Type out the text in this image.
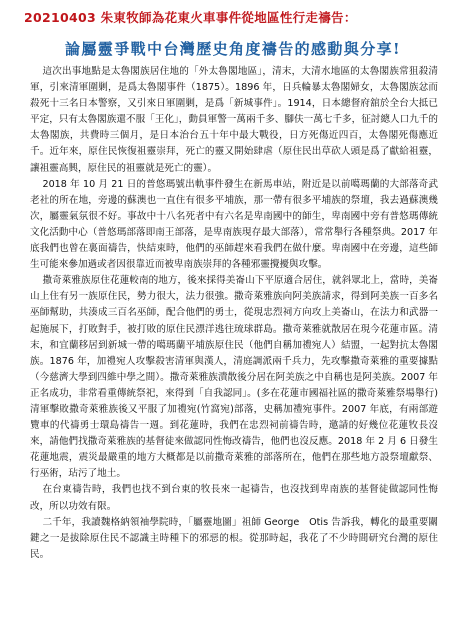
20210403 朱東牧師為花東火車事件從地區性行走禱告：
論屬靈爭戰中台灣歷史角度禱告的感動與分享!

這次出事地點是太魯閣族居住地的「外太魯閣地區」，清末，大清水地區的太魯閣族常狙殺清軍，引來清軍圍剿，是爲太魯閣事件（1875）。1896 年，日兵輪暴太魯閣婦女，太魯閣族忿而殺死十三名日本警察，又引來日軍圍剿，是爲「新城事件」。1914，日本總督府舘於全台大抵已平定，只有太魯閣族還不服「王化」，動員軍警一萬兩千多、腳伕一萬七千多，征討總人口九千的太魯閣族，共費時三個月，是日本治台五十年中最大戰役，日方死傷近四百，太魯閣死傷應近千。近年來，原住民恢復祖靈崇拜，死亡的靈又開始肆虐（原住民出草砍人頭是爲了獻給祖靈，讓祖靈高興，原住民的祖靈就是死亡的靈）。

2018 年 10 月 21 日的普悠瑪號出軌事件發生在新馬車站，附近是以前噶瑪蘭的大部落奇武老社的所在地，旁邊的蘇澳也一直住有很多平埔族，那一帶有很多平埔族的祭壇，我去過蘇澳幾次，屬靈氣氛很不好。事故中十八名死者中有六名是卑南國中的師生，卑南國中旁有普悠瑪傳統文化活動中心（普悠瑪部落即南王部落，是卑南族現存最大部落），常常舉行各種祭典。2017 年底我們也曾在裏面禱告，快結束時，他們的巫師趕來看我們在做什麼。卑南國中在旁邊，這些師生可能來參加過或者因很靠近而被卑南族崇拜的各種邪靈攪擾與攻擊。

撒奇萊雅族原住花蓮較南的地方，後來採得美崙山下平原適合居住，就斜眾北上，當時，美崙山上住有另一族原住民，勢力很大，法力很強。撒奇萊雅族向阿美族請求，得到阿美族一百多名巫師幫助，共湊成三百名巫師，配合他們的勇士，從現忠烈祠方向攻上美崙山，在法力和武器一起施展下，打敗對手，被打敗的原住民漂洋逃往琉球群島。撒奇萊雅就散居在現今花蓮市區。清末，和宜蘭移居到新城一帶的噶瑪蘭平埔族原住民（他們自稱加禮宛人）結盟，一起對抗太魯閣族。1876 年，加禮宛人攻擊殺害清軍與漢人，清庭調派兩千兵力，先攻擊撒奇萊雅的重要據點（今慈濟大學到四維中學之間）。撒奇萊雅族潰散後分居在阿美族之中自稱也是阿美族。2007 年正名成功，非常看重傳統祭祀，來得到「自我認同」。(多在花蓮市國福社區的撒奇萊雅祭場舉行)清軍擊敗撒奇萊雅族後又平服了加禮宛(竹窩宛)部落，史稱加禮宛事件。2007 年底，有兩部遊覽車的代禱勇士環島禱告一週。到花蓮時，我們在忠烈祠前禱告時，邀請的好幾位花蓮牧長沒來，請他們找撒奇萊雅族的基督徒來做認同性悔改禱告，他們也沒反應。2018 年 2 月 6 日發生花蓮地震，震災最嚴重的地方大概都是以前撒奇萊雅的部落所在，他們在那些地方設祭壇獻祭、行巫術，玷污了地土。

在台東禱告時，我們也找不到台東的牧長來一起禱告，也沒找到卑南族的基督徒做認同性悔改，所以功效有限。

二千年，我讀魏格納領袖學院時，「屬靈地圖」祖師 George　Otis 告訴我，轉化的最重要關鍵之一是拔除原住民不認識主時種下的邪惡的根。從那時起，我花了不少時間研究台灣的原住民。
